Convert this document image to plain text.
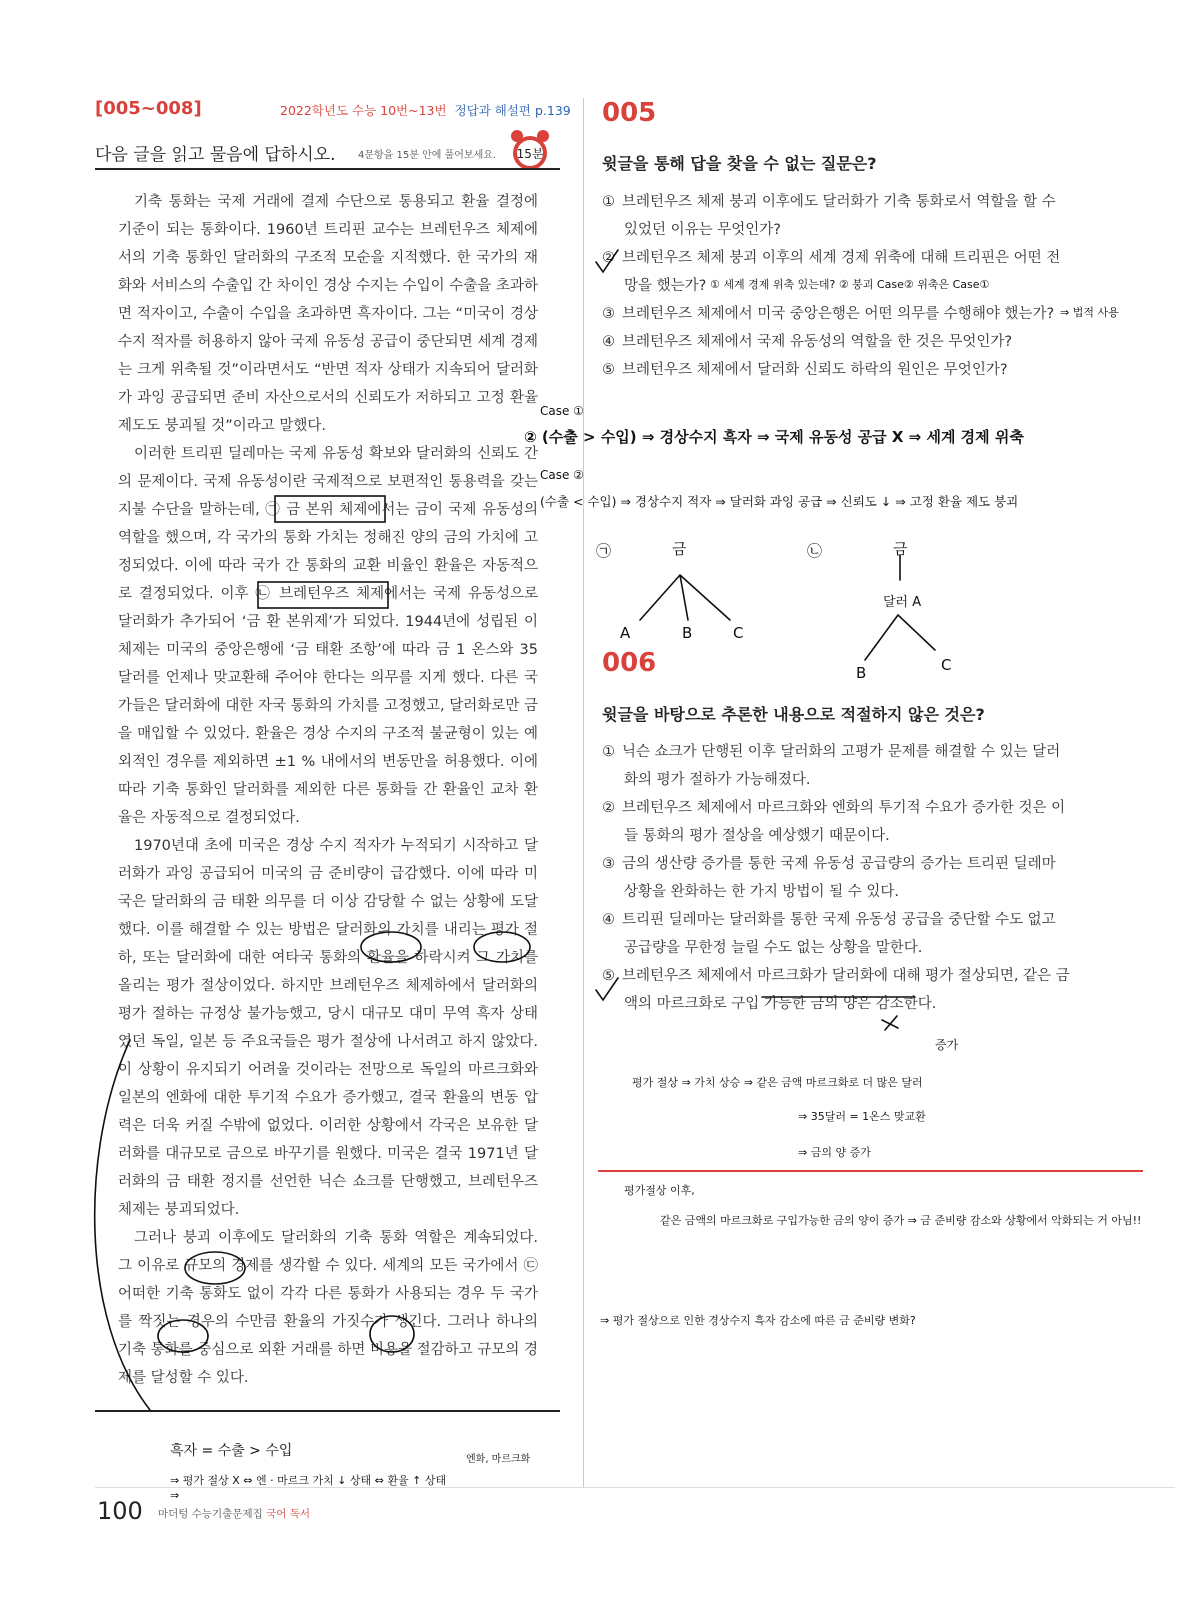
[005~008]	2022학년도 수능 10번~13번 정답과 해설편 p.139
다음 글을 읽고 물음에 답하시오. 4문항을 15분 안에 풀어보세요. 15분

기축 통화는 국제 거래에 결제 수단으로 통용되고 환율 결정에 기준이 되는 통화이다. 1960년 트리핀 교수는 브레턴우즈 체제에서의 기축 통화인 달러화의 구조적 모순을 지적했다. 한 국가의 재화와 서비스의 수출입 간 차이인 경상 수지는 수입이 수출을 초과하면 적자이고, 수출이 수입을 초과하면 흑자이다. 그는 “미국이 경상 수지 적자를 허용하지 않아 국제 유동성 공급이 중단되면 세계 경제는 크게 위축될 것”이라면서도 “반면 적자 상태가 지속되어 달러화가 과잉 공급되면 준비 자산으로서의 신뢰도가 저하되고 고정 환율 제도도 붕괴될 것”이라고 말했다.

이러한 트리핀 딜레마는 국제 유동성 확보와 달러화의 신뢰도 간의 문제이다. 국제 유동성이란 국제적으로 보편적인 통용력을 갖는 지불 수단을 말하는데, ㉠ 금 본위 체제에서는 금이 국제 유동성의 역할을 했으며, 각 국가의 통화 가치는 정해진 양의 금의 가치에 고정되었다. 이에 따라 국가 간 통화의 교환 비율인 환율은 자동적으로 결정되었다. 이후 ㉡ 브레턴우즈 체제에서는 국제 유동성으로 달러화가 추가되어 ‘금 환 본위제’가 되었다. 1944년에 성립된 이 체제는 미국의 중앙은행에 ‘금 태환 조항’에 따라 금 1 온스와 35 달러를 언제나 맞교환해 주어야 한다는 의무를 지게 했다. 다른 국가들은 달러화에 대한 자국 통화의 가치를 고정했고, 달러화로만 금을 매입할 수 있었다. 환율은 경상 수지의 구조적 불균형이 있는 예외적인 경우를 제외하면 ±1 % 내에서의 변동만을 허용했다. 이에 따라 기축 통화인 달러화를 제외한 다른 통화들 간 환율인 교차 환율은 자동적으로 결정되었다.

1970년대 초에 미국은 경상 수지 적자가 누적되기 시작하고 달러화가 과잉 공급되어 미국의 금 준비량이 급감했다. 이에 따라 미국은 달러화의 금 태환 의무를 더 이상 감당할 수 없는 상황에 도달했다. 이를 해결할 수 있는 방법은 달러화의 가치를 내리는 평가 절하, 또는 달러화에 대한 여타국 통화의 환율을 하락시켜 그 가치를 올리는 평가 절상이었다. 하지만 브레턴우즈 체제하에서 달러화의 평가 절하는 규정상 불가능했고, 당시 대규모 대미 무역 흑자 상태였던 독일, 일본 등 주요국들은 평가 절상에 나서려고 하지 않았다. 이 상황이 유지되기 어려울 것이라는 전망으로 독일의 마르크화와 일본의 엔화에 대한 투기적 수요가 증가했고, 결국 환율의 변동 압력은 더욱 커질 수밖에 없었다. 이러한 상황에서 각국은 보유한 달러화를 대규모로 금으로 바꾸기를 원했다. 미국은 결국 1971년 달러화의 금 태환 정지를 선언한 닉슨 쇼크를 단행했고, 브레턴우즈 체제는 붕괴되었다.

그러나 붕괴 이후에도 달러화의 기축 통화 역할은 계속되었다. 그 이유로 규모의 경제를 생각할 수 있다. 세계의 모든 국가에서 ㉢ 어떠한 기축 통화도 없이 각각 다른 통화가 사용되는 경우 두 국가를 짝짓는 경우의 수만큼 환율의 가짓수가 생긴다. 그러나 하나의 기축 통화를 중심으로 외환 거래를 하면 비용을 절감하고 규모의 경제를 달성할 수 있다.

005
윗글을 통해 답을 찾을 수 없는 질문은?

① 브레턴우즈 체제 붕괴 이후에도 달러화가 기축 통화로서 역할을 할 수 있었던 이유는 무엇인가?

② 브레턴우즈 체제 붕괴 이후의 세계 경제 위축에 대해 트리핀은 어떤 전망을 했는가?

③ 브레턴우즈 체제에서 미국 중앙은행은 어떤 의무를 수행해야 했는가?

④ 브레턴우즈 체제에서 국제 유동성의 역할을 한 것은 무엇인가?

⑤ 브레턴우즈 체제에서 달러화 신뢰도 하락의 원인은 무엇인가?

006
윗글을 바탕으로 추론한 내용으로 적절하지 않은 것은?

① 닉슨 쇼크가 단행된 이후 달러화의 고평가 문제를 해결할 수 있는 달러화의 평가 절하가 가능해졌다.

② 브레턴우즈 체제에서 마르크화와 엔화의 투기적 수요가 증가한 것은 이들 통화의 평가 절상을 예상했기 때문이다.

③ 금의 생산량 증가를 통한 국제 유동성 공급량의 증가는 트리핀 딜레마 상황을 완화하는 한 가지 방법이 될 수 있다.

④ 트리핀 딜레마는 달러화를 통한 국제 유동성 공급을 중단할 수도 없고 공급량을 무한정 늘릴 수도 없는 상황을 말한다.

⑤ 브레턴우즈 체제에서 마르크화가 달러화에 대해 평가 절상되면, 같은 금액의 마르크화로 구입 가능한 금의 양은 감소한다.

① 세계 경제 위축 있는데? ② 붕괴 Case② 위축은 Case①
⇒ 법적 사용
Case ①
② (수출 > 수입) ⇒ 경상수지 흑자 ⇒ 국제 유동성 공급 X ⇒ 세계 경제 위축
Case ②
(수출 < 수입) ⇒ 경상수지 적자 ⇒ 달러화 과잉 공급 ⇒ 신뢰도 ↓ ⇒ 고정 환율 제도 붕괴
㉠	금
A	B	C
㉡	금
달러 A
B	C
증가
평가 절상 ⇒ 가치 상승 ⇒ 같은 금액 마르크화로 더 많은 달러
⇒ 35달러 = 1온스 맞교환
⇒ 금의 양 증가
평가절상 이후,
같은 금액의 마르크화로 구입가능한 금의 양이 증가 ⇒ 금 준비량 감소와 상황에서 악화되는 거 아님!!
⇒ 평가 절상으로 인한 경상수지 흑자 감소에 따른 금 준비량 변화?
흑자 = 수출 > 수입
엔화, 마르크화
⇒ 평가 절상 X ⇔ 엔 · 마르크 가치 ↓ 상태 ⇔ 환율 ↑ 상태
⇒
100 마더텅 수능기출문제집 국어 독서
